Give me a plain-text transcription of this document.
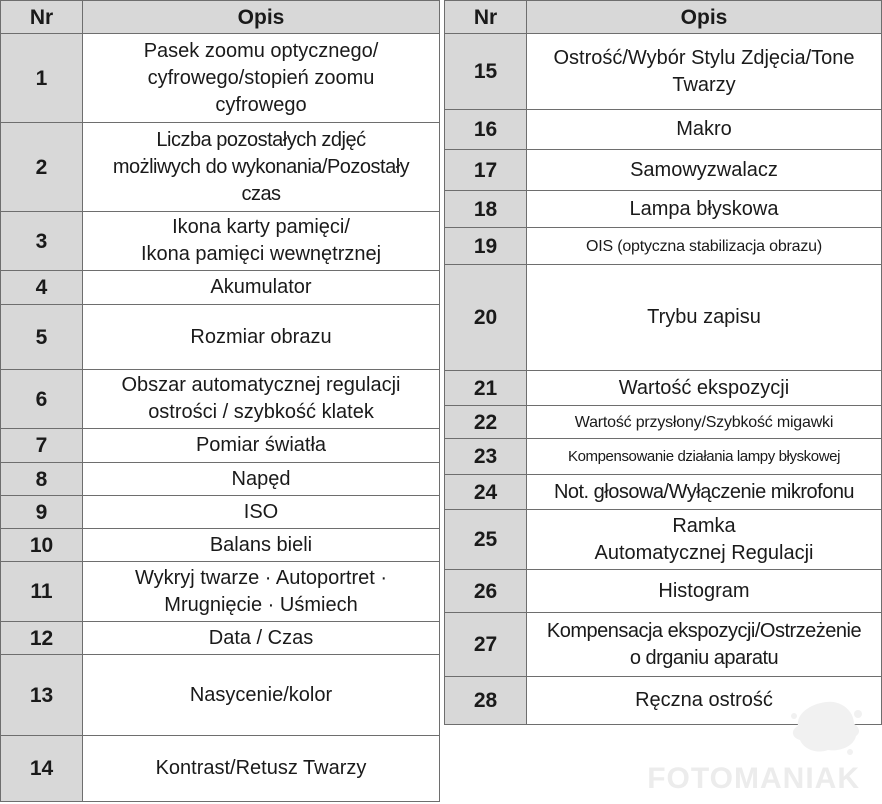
Nr	Opis
1	Pasek zoomu optycznego/
cyfrowego/stopień zoomu
cyfrowego

2	Liczba pozostałych zdjęć
możliwych do wykonania/Pozostały
czas

3	Ikona karty pamięci/
Ikona pamięci wewnętrznej

4	Akumulator

5	Rozmiar obrazu

6	Obszar automatycznej regulacji
ostrości / szybkość klatek

7	Pomiar światła

8	Napęd

9	ISO

10	Balans bieli

11	Wykryj twarze · Autoportret ·
Mrugnięcie · Uśmiech

12	Data / Czas

13	Nasycenie/kolor

14	Kontrast/Retusz Twarzy
Nr	Opis
15	Ostrość/Wybór Stylu Zdjęcia/Tone
Twarzy

16	Makro

17	Samowyzwalacz

18	Lampa błyskowa

19	OIS (optyczna stabilizacja obrazu)

20	Trybu zapisu

21	Wartość ekspozycji

22	Wartość przysłony/Szybkość migawki

23	Kompensowanie działania lampy błyskowej

24	Not. głosowa/Wyłączenie mikrofonu

25	Ramka
Automatycznej Regulacji

26	Histogram

27	Kompensacja ekspozycji/Ostrzeżenie
o drganiu aparatu

28	Ręczna ostrość
FOTOMANIAK
